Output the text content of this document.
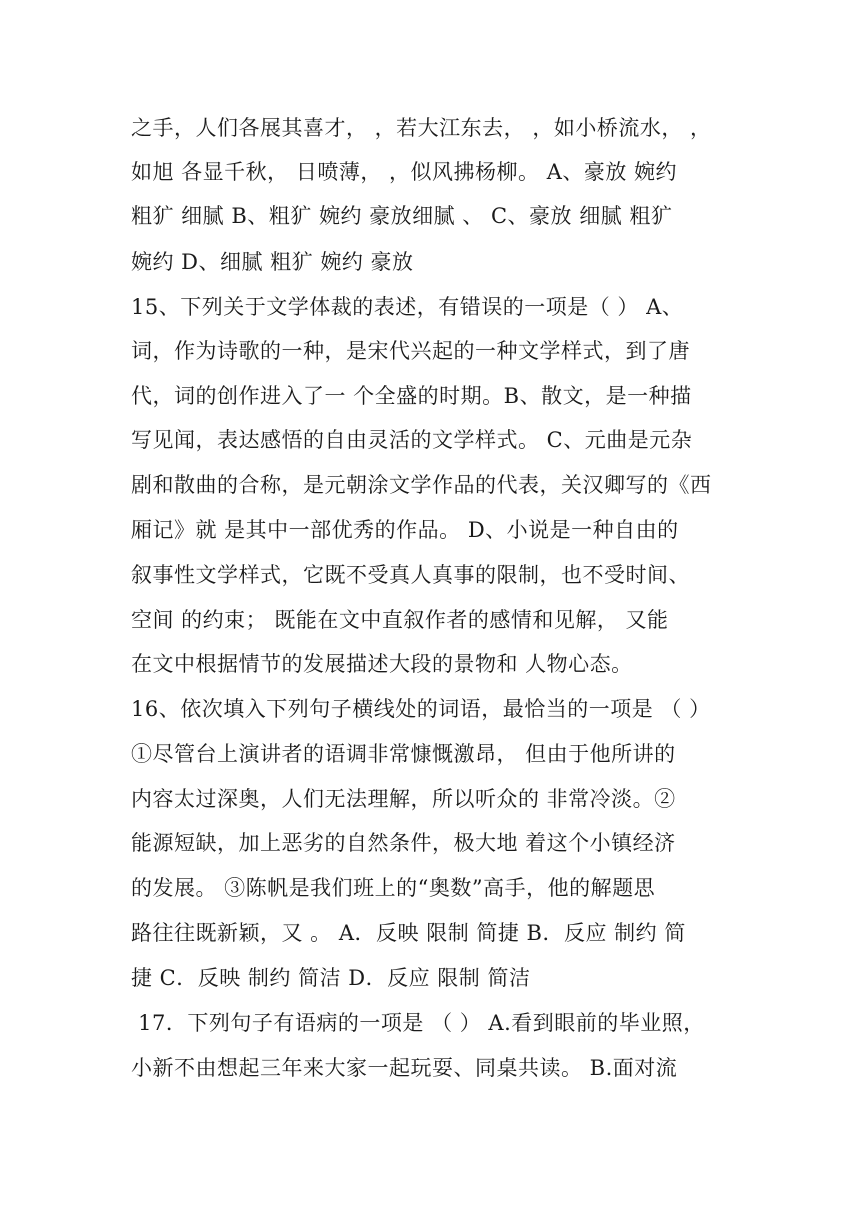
之手，人们各展其喜才， ，若大江东去， ，如小桥流水， ，
如旭 各显千秋， 日喷薄， ，似风拂杨柳。 A、豪放 婉约
粗犷 细腻 B、粗犷 婉约 豪放细腻 、 C、豪放 细腻 粗犷
婉约 D、细腻 粗犷 婉约 豪放
15、下列关于文学体裁的表述，有错误的一项是（ ） A、
词，作为诗歌的一种，是宋代兴起的一种文学样式，到了唐
代，词的创作进入了一 个全盛的时期。B、散文，是一种描
写见闻，表达感悟的自由灵活的文学样式。 C、元曲是元杂
剧和散曲的合称，是元朝涂文学作品的代表，关汉卿写的《西
厢记》就 是其中一部优秀的作品。 D、小说是一种自由的
叙事性文学样式，它既不受真人真事的限制，也不受时间、
空间 的约束； 既能在文中直叙作者的感情和见解， 又能
在文中根据情节的发展描述大段的景物和 人物心态。
16、依次填入下列句子横线处的词语，最恰当的一项是 （ ）
①尽管台上演讲者的语调非常慷慨激昂， 但由于他所讲的
内容太过深奥，人们无法理解，所以听众的 非常冷淡。②
能源短缺，加上恶劣的自然条件，极大地 着这个小镇经济
的发展。 ③陈帆是我们班上的“奥数”高手，他的解题思
路往往既新颖，又 。 A．反映 限制 简捷 B．反应 制约 简
捷 C．反映 制约 简洁 D．反应 限制 简洁
17．下列句子有语病的一项是 （ ） A.看到眼前的毕业照，
小新不由想起三年来大家一起玩耍、同桌共读。 B.面对流
